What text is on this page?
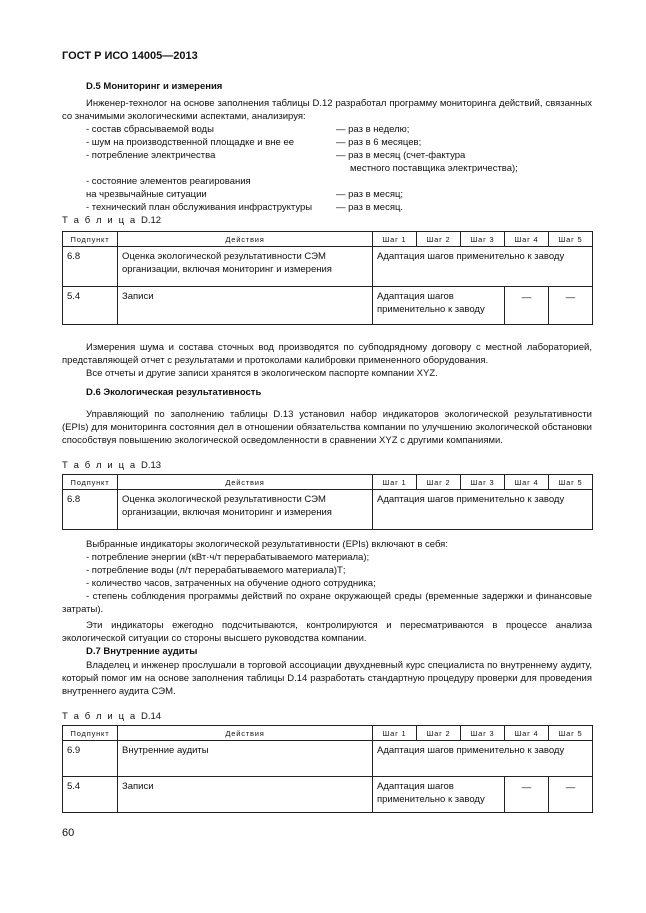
ГОСТ Р ИСО 14005—2013
D.5 Мониторинг и измерения

Инженер-технолог на основе заполнения таблицы D.12 разработал программу мониторинга действий, связанных со значимыми экологическими аспектами, анализируя:

- состав сбрасываемой воды	— раз в неделю;
- шум на производственной площадке и вне ее	— раз в 6 месяцев;
- потребление электричества	— раз в месяц (счет-фактура
местного поставщика электричества);
- состояние элементов реагирования
на чрезвычайные ситуации	— раз в месяц;
- технический план обслуживания инфраструктуры	— раз в месяц.
Т а б л и ц а D.12
Подпункт	Действия	Шаг 1	Шаг 2	Шаг 3	Шаг 4	Шаг 5

6.8	Оценка экологической результативности СЭМ организации, включая мониторинг и измерения	Адаптация шагов применительно к заводу				

5.4	Записи	Адаптация шагов применительно к заводу			—	—

Измерения шума и состава сточных вод производятся по субподрядному договору с местной лабораторией, представляющей отчет с результатами и протоколами калибровки примененного оборудования.

Все отчеты и другие записи хранятся в экологическом паспорте компании XYZ.

D.6 Экологическая результативность

Управляющий по заполнению таблицы D.13 установил набор индикаторов экологической результативности (EPIs) для мониторинга состояния дел в отношении обязательства компании по улучшению экологической обстановки способствуя повышению экологической осведомленности в сравнении XYZ с другими компаниями.

Т а б л и ц а D.13
Подпункт	Действия	Шаг 1	Шаг 2	Шаг 3	Шаг 4	Шаг 5

6.8	Оценка экологической результативности СЭМ организации, включая мониторинг и измерения	Адаптация шагов применительно к заводу				

Выбранные индикаторы экологической результативности (EPIs) включают в себя:

- потребление энергии (кВт·ч/т перерабатываемого материала);

- потребление воды (л/т перерабатываемого материала)Т;

- количество часов, затраченных на обучение одного сотрудника;

- степень соблюдения программы действий по охране окружающей среды (временные задержки и финансовые затраты).

Эти индикаторы ежегодно подсчитываются, контролируются и пересматриваются в процессе анализа экологической ситуации со стороны высшего руководства компании.

D.7 Внутренние аудиты

Владелец и инженер прослушали в торговой ассоциации двухдневный курс специалиста по внутреннему аудиту, который помог им на основе заполнения таблицы D.14 разработать стандартную процедуру проверки для проведения внутреннего аудита СЭМ.

Т а б л и ц а D.14
Подпункт	Действия	Шаг 1	Шаг 2	Шаг 3	Шаг 4	Шаг 5

6.9	Внутренние аудиты	Адаптация шагов применительно к заводу				

5.4	Записи	Адаптация шагов применительно к заводу			—	—
60
